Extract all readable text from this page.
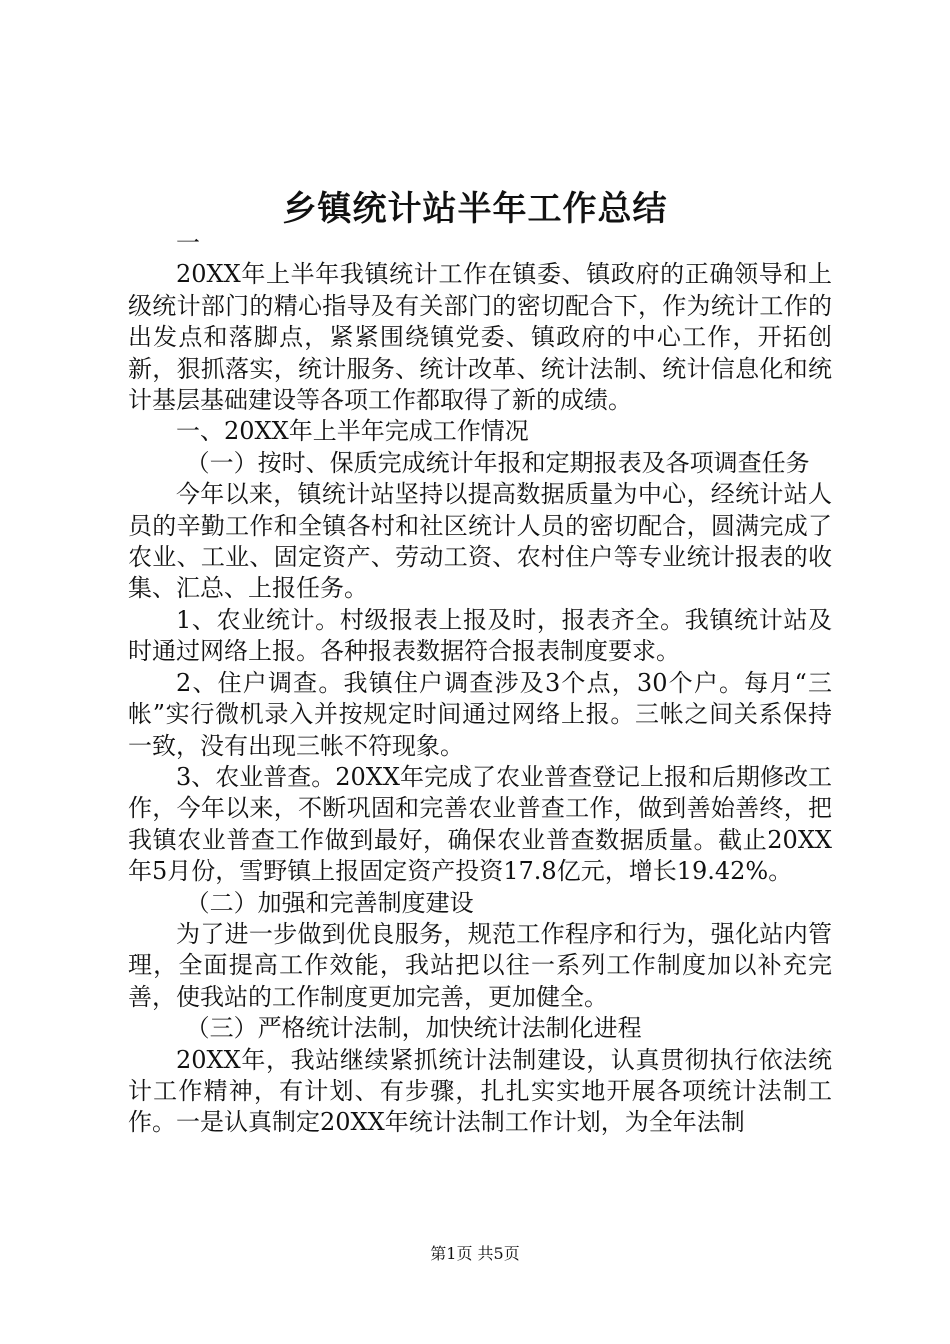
乡镇统计站半年工作总结

一

20XX年上半年我镇统计工作在镇委、镇政府的正确领导和上级统计部门的精心指导及有关部门的密切配合下，作为统计工作的出发点和落脚点，紧紧围绕镇党委、镇政府的中心工作，开拓创新，狠抓落实，统计服务、统计改革、统计法制、统计信息化和统计基层基础建设等各项工作都取得了新的成绩。

一、20XX年上半年完成工作情况

（一）按时、保质完成统计年报和定期报表及各项调查任务

今年以来，镇统计站坚持以提高数据质量为中心，经统计站人员的辛勤工作和全镇各村和社区统计人员的密切配合，圆满完成了农业、工业、固定资产、劳动工资、农村住户等专业统计报表的收集、汇总、上报任务。

1、农业统计。村级报表上报及时，报表齐全。我镇统计站及时通过网络上报。各种报表数据符合报表制度要求。

2、住户调查。我镇住户调查涉及3个点，30个户。每月“三帐”实行微机录入并按规定时间通过网络上报。三帐之间关系保持一致，没有出现三帐不符现象。

3、农业普查。20XX年完成了农业普查登记上报和后期修改工作，今年以来，不断巩固和完善农业普查工作，做到善始善终，把我镇农业普查工作做到最好，确保农业普查数据质量。截止20XX年5月份，雪野镇上报固定资产投资17.8亿元，增长19.42%。

（二）加强和完善制度建设

为了进一步做到优良服务，规范工作程序和行为，强化站内管理，全面提高工作效能，我站把以往一系列工作制度加以补充完善，使我站的工作制度更加完善，更加健全。

（三）严格统计法制，加快统计法制化进程

20XX年，我站继续紧抓统计法制建设，认真贯彻执行依法统计工作精神，有计划、有步骤，扎扎实实地开展各项统计法制工作。一是认真制定20XX年统计法制工作计划，为全年法制

第1页 共5页
